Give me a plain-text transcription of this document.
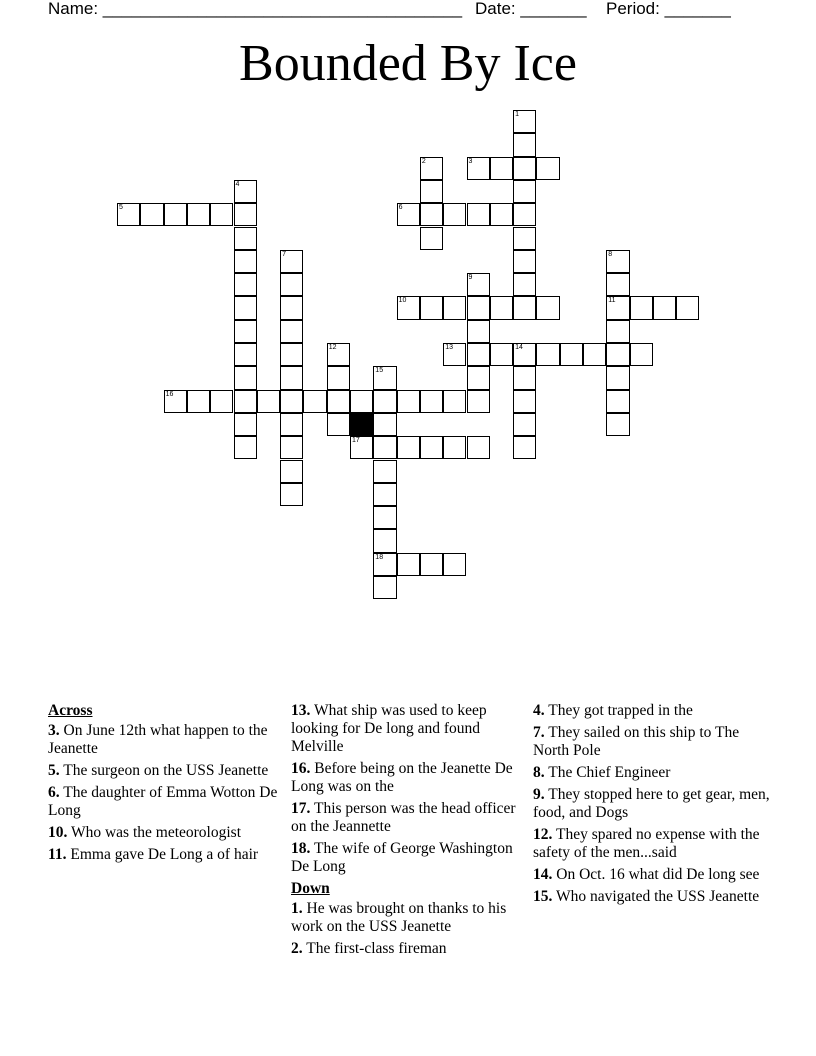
Name: ______________________________________ Date: _______ Period: _______
Bounded By Ice
1
2	3
4
5	6
7	8
11
9
10
12	13	14
15
18
16
17
Across
3. On June 12th what happen to the Jeanette
5. The surgeon on the USS Jeanette
6. The daughter of Emma Wotton De Long
10. Who was the meteorologist
11. Emma gave De Long a of hair
13. What ship was used to keep looking for De long and found Melville
16. Before being on the Jeanette De Long was on the
17. This person was the head officer on the Jeannette
18. The wife of George Washington De Long
Down
1. He was brought on thanks to his work on the USS Jeanette
2. The first-class fireman
4. They got trapped in the
7. They sailed on this ship to The North Pole
8. The Chief Engineer
9. They stopped here to get gear, men, food, and Dogs
12. They spared no expense with the safety of the men...said
14. On Oct. 16 what did De long see
15. Who navigated the USS Jeanette
